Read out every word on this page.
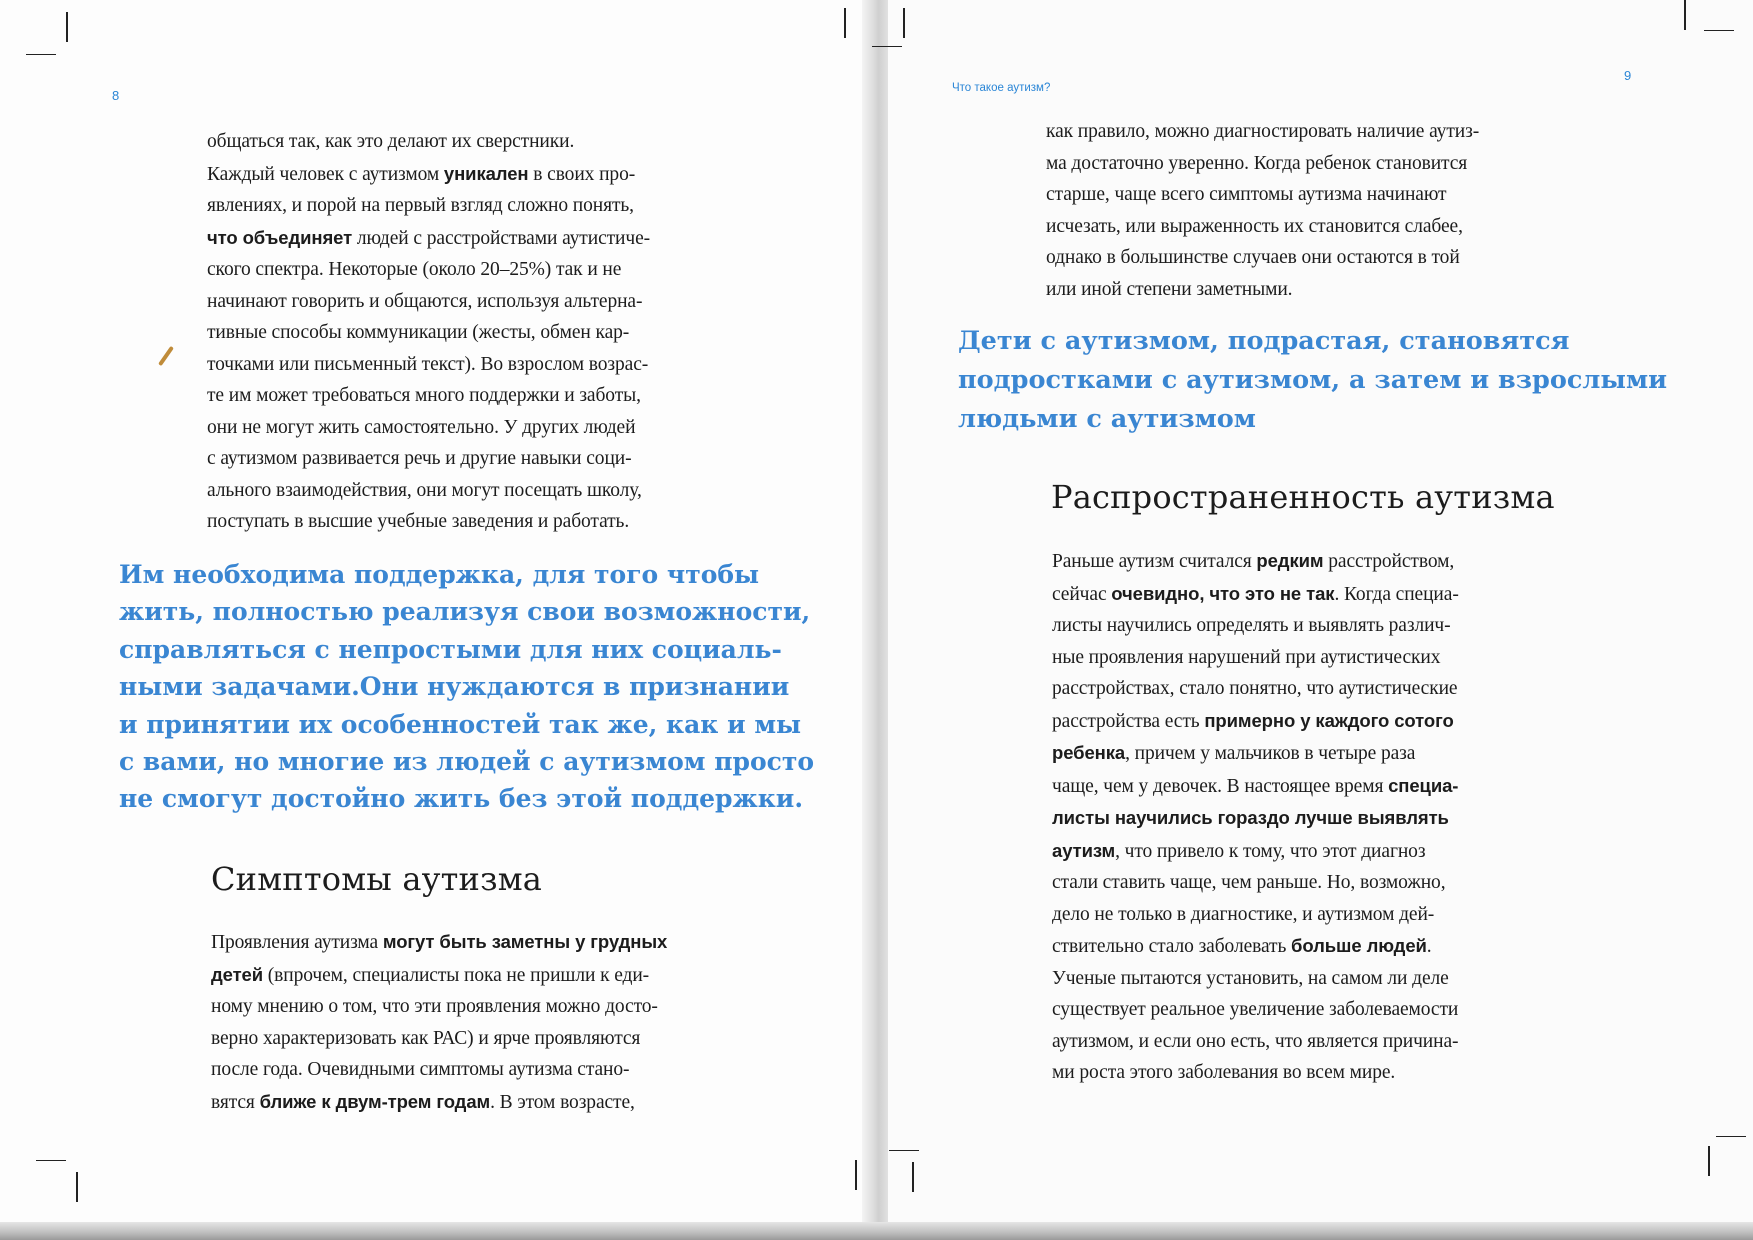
8

общаться так, как это делают их сверстники.

Каждый человек с аутизмом уникален в своих про-

явлениях, и порой на первый взгляд сложно понять,

что объединяет людей с расстройствами аутистиче-

ского спектра. Некоторые (около 20–25%) так и не

начинают говорить и общаются, используя альтерна-

тивные способы коммуникации (жесты, обмен кар-

точками или письменный текст). Во взрослом возрас-

те им может требоваться много поддержки и заботы,

они не могут жить самостоятельно. У других людей

с аутизмом развивается речь и другие навыки соци-

ального взаимодействия, они могут посещать школу,

поступать в высшие учебные заведения и работать.

Им необходима поддержка, для того чтобы

жить, полностью реализуя свои возможности,

справляться с непростыми для них социаль-

ными задачами.Они нуждаются в признании

и принятии их особенностей так же, как и мы

с вами, но многие из людей с аутизмом просто

не смогут достойно жить без этой поддержки.

Симптомы аутизма

Проявления аутизма могут быть заметны у грудных

детей (впрочем, специалисты пока не пришли к еди-

ному мнению о том, что эти проявления можно досто-

верно характеризовать как РАС) и ярче проявляются

после года. Очевидными симптомы аутизма стано-

вятся ближе к двум-трем годам. В этом возрасте,

Что такое аутизм?
9

как правило, можно диагностировать наличие аутиз-

ма достаточно уверенно. Когда ребенок становится

старше, чаще всего симптомы аутизма начинают

исчезать, или выраженность их становится слабее,

однако в большинстве случаев они остаются в той

или иной степени заметными.

Дети с аутизмом, подрастая, становятся

подростками с аутизмом, а затем и взрослыми

людьми с аутизмом

Распространенность аутизма

Раньше аутизм считался редким расстройством,

сейчас очевидно, что это не так. Когда специа-

листы научились определять и выявлять различ-

ные проявления нарушений при аутистических

расстройствах, стало понятно, что аутистические

расстройства есть примерно у каждого сотого

ребенка, причем у мальчиков в четыре раза

чаще, чем у девочек. В настоящее время специа-

листы научились гораздо лучше выявлять

аутизм, что привело к тому, что этот диагноз

стали ставить чаще, чем раньше. Но, возможно,

дело не только в диагностике, и аутизмом дей-

ствительно стало заболевать больше людей.

Ученые пытаются установить, на самом ли деле

существует реальное увеличение заболеваемости

аутизмом, и если оно есть, что является причина-

ми роста этого заболевания во всем мире.
